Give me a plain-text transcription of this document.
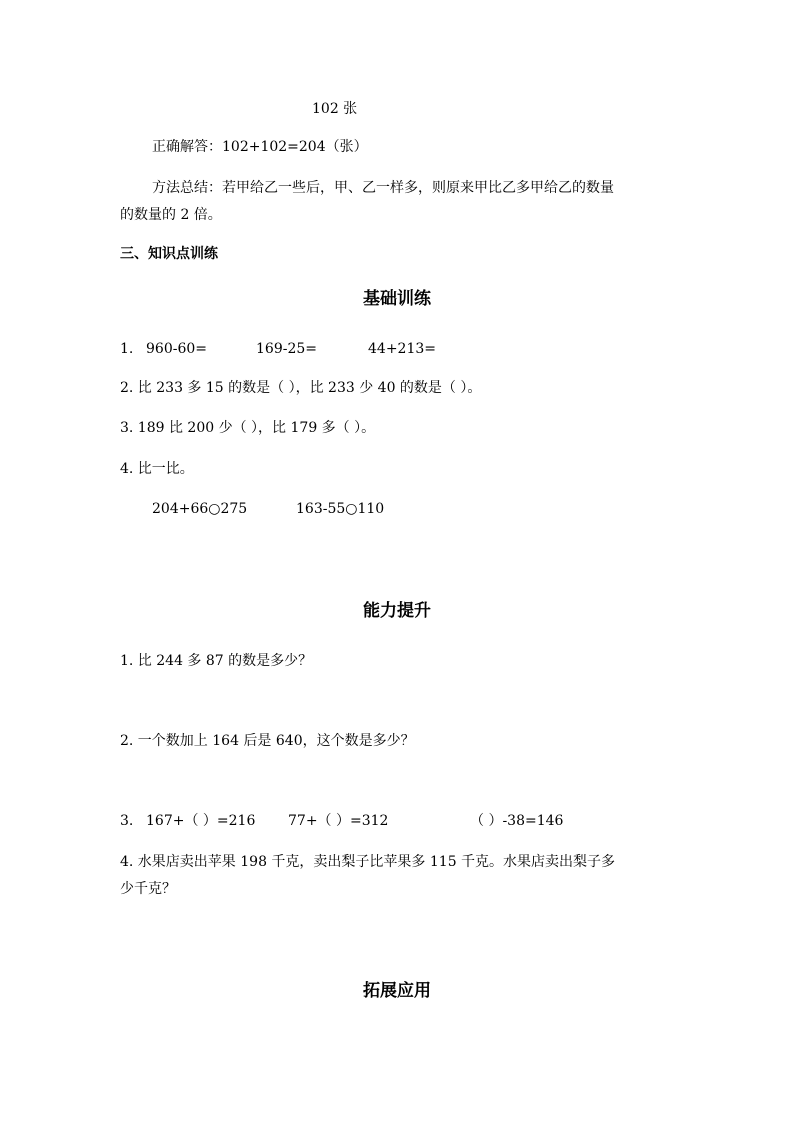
102 张
正确解答：102+102=204（张）
方法总结：若甲给乙一些后，甲、乙一样多，则原来甲比乙多甲给乙的数量
的数量的 2 倍。
三、知识点训练
基础训练
1. 960-60=	169-25=	44+213=
2. 比 233 多 15 的数是（ ），比 233 少 40 的数是（ ）。
3. 189 比 200 少（ ），比 179 多（ ）。
4. 比一比。
204+66○275	163-55○110
能力提升
1. 比 244 多 87 的数是多少？
2. 一个数加上 164 后是 640，这个数是多少？
3. 167+（ ）=216 77+（ ）=312	（ ）-38=146
4. 水果店卖出苹果 198 千克，卖出梨子比苹果多 115 千克。水果店卖出梨子多
少千克？
拓展应用
